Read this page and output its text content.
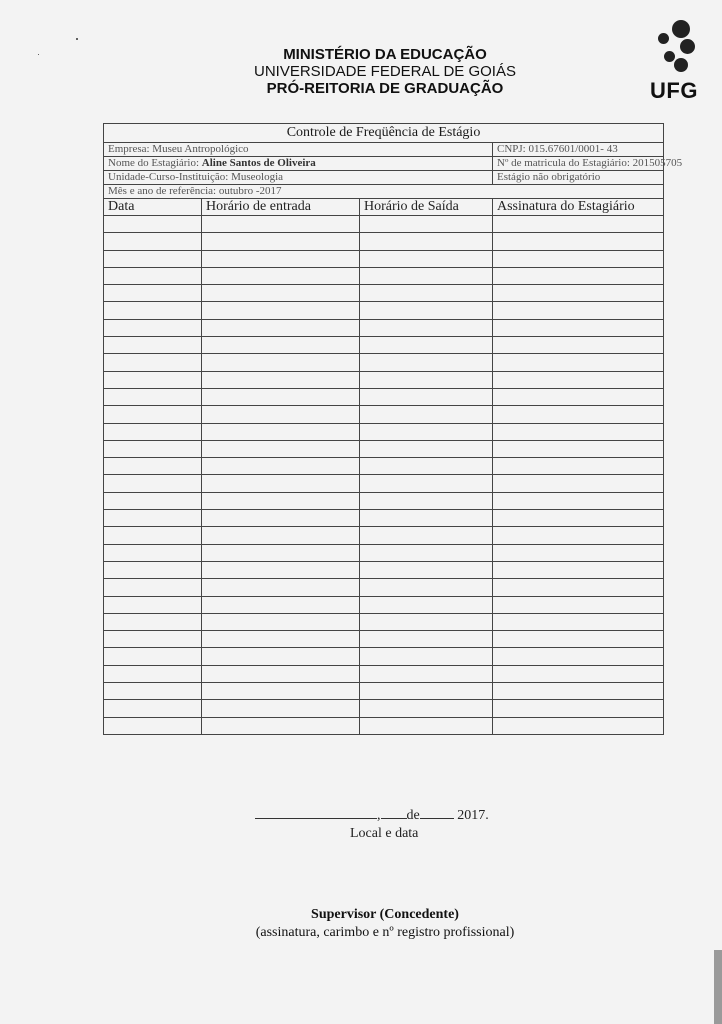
MINISTÉRIO DA EDUCAÇÃO
UNIVERSIDADE FEDERAL DE GOIÁS
PRÓ-REITORIA DE GRADUAÇÃO	UFG
Controle de Freqüência de Estágio			
Empresa: Museu Antropológico			CNPJ: 015.67601/0001- 43
Nome do Estagiário: Aline Santos de Oliveira			Nº de matricula do Estagiário: 201505705
Unidade-Curso-Instituição: Museologia			Estágio não obrigatório
Mês e ano de referência: outubro -2017			
Data	Horário de entrada	Horário de Saída	Assinatura do Estagiário

, de	2017.
Local e data
Supervisor (Concedente)
(assinatura, carimbo e nº registro profissional)
